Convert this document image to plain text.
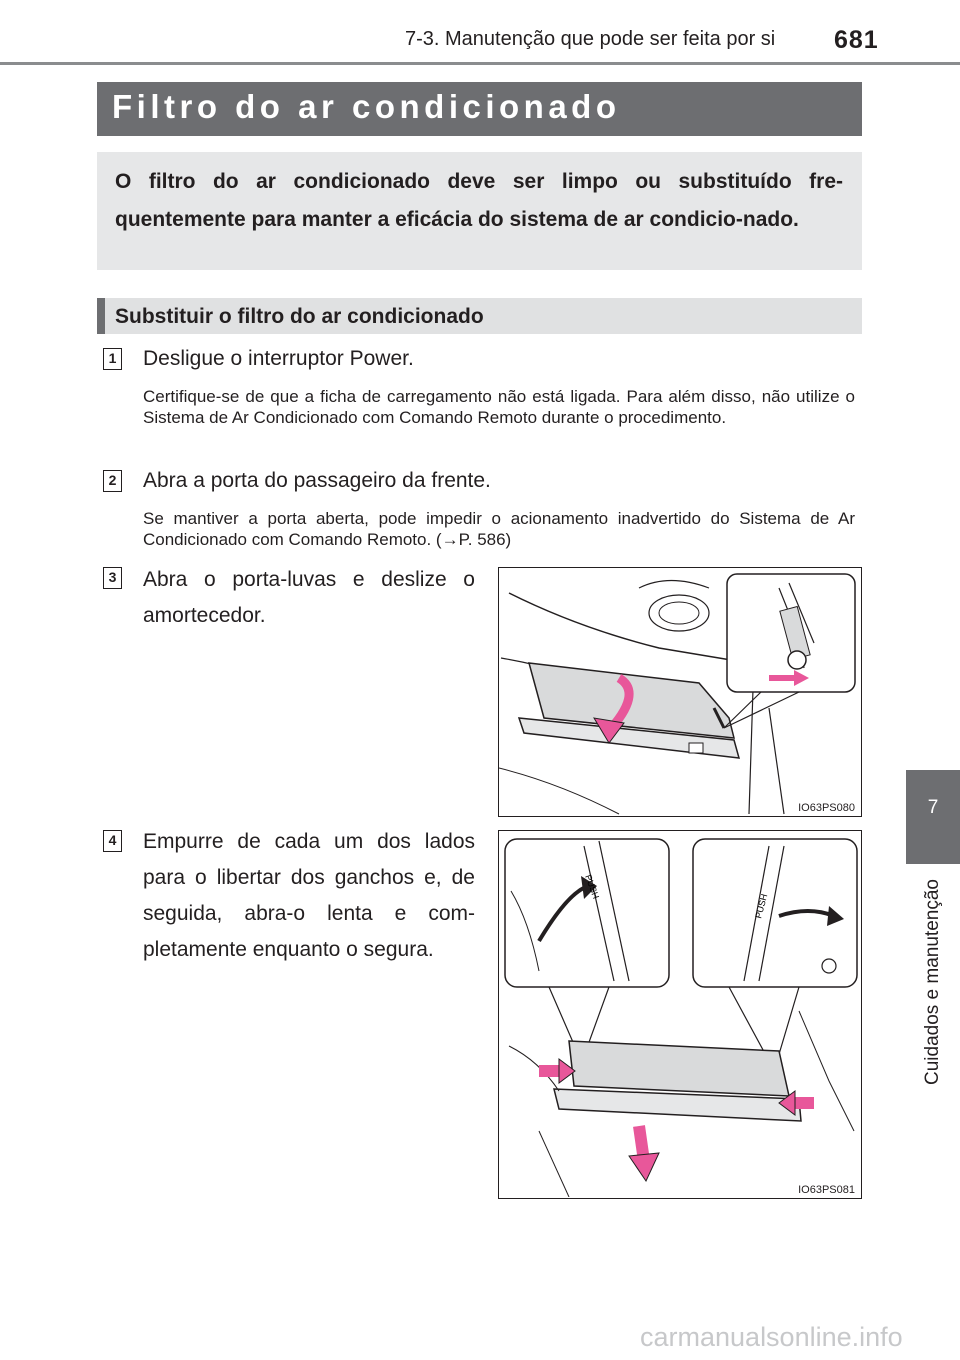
7-3. Manutenção que pode ser feita por si 681
7
Cuidados e manutenção
Filtro do ar condicionado
O filtro do ar condicionado deve ser limpo ou substituído fre-quentemente para manter a eficácia do sistema de ar condicio-nado.
Substituir o filtro do ar condicionado
1 Desligue o interruptor Power.
Certifique-se de que a ficha de carregamento não está ligada. Para além disso, não utilize o Sistema de Ar Condicionado com Comando Remoto durante o procedimento.
2 Abra a porta do passageiro da frente.
Se mantiver a porta aberta, pode impedir o acionamento inadvertido do Sistema de Ar Condicionado com Comando Remoto. (→P. 586)
3 Abra o porta-luvas e deslize o amortecedor.
IO63PS080
4 Empurre de cada um dos lados para o libertar dos ganchos e, de seguida, abra-o lenta e com-pletamente enquanto o segura.
PUSH
PUSH
IO63PS081
carmanualsonline.info
